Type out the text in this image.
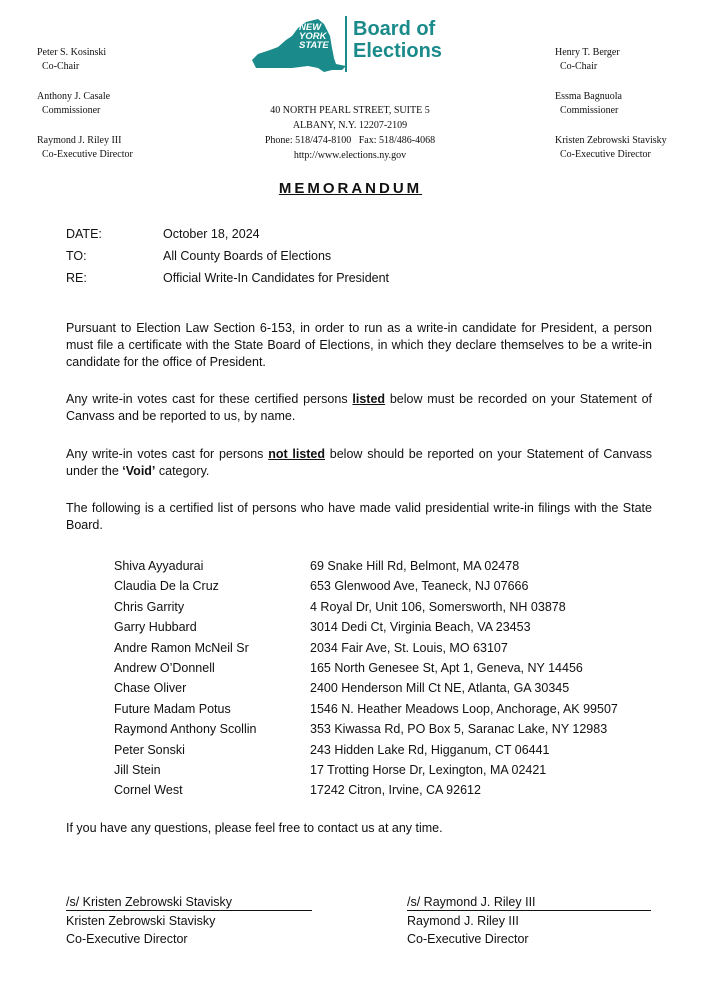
Peter S. Kosinski
Co-Chair
Anthony J. Casale
Commissioner
Raymond J. Riley III
Co-Executive Director
Henry T. Berger
Co-Chair
Essma Bagnuola
Commissioner
Kristen Zebrowski Stavisky
Co-Executive Director
NEW
YORK
STATE
Board of
Elections
40 NORTH PEARL STREET, SUITE 5
ALBANY, N.Y. 12207-2109
Phone: 518/474-8100   Fax: 518/486-4068
http://www.elections.ny.gov
MEMORANDUM
DATE:	October 18, 2024
TO:	All County Boards of Elections
RE:	Official Write-In Candidates for President
Pursuant to Election Law Section 6-153, in order to run as a write-in candidate for President, a person must file a certificate with the State Board of Elections, in which they declare themselves to be a write-in candidate for the office of President.
Any write-in votes cast for these certified persons listed below must be recorded on your Statement of Canvass and be reported to us, by name.
Any write-in votes cast for persons not listed below should be reported on your Statement of Canvass under the ‘Void’ category.
The following is a certified list of persons who have made valid presidential write-in filings with the State Board.
Shiva Ayyadurai	69 Snake Hill Rd, Belmont, MA 02478
Claudia De la Cruz	653 Glenwood Ave, Teaneck, NJ 07666
Chris Garrity	4 Royal Dr, Unit 106, Somersworth, NH 03878
Garry Hubbard	3014 Dedi Ct, Virginia Beach, VA 23453
Andre Ramon McNeil Sr	2034 Fair Ave, St. Louis, MO 63107
Andrew O’Donnell	165 North Genesee St, Apt 1, Geneva, NY 14456
Chase Oliver	2400 Henderson Mill Ct NE, Atlanta, GA 30345
Future Madam Potus	1546 N. Heather Meadows Loop, Anchorage, AK 99507
Raymond Anthony Scollin	353 Kiwassa Rd, PO Box 5, Saranac Lake, NY 12983
Peter Sonski	243 Hidden Lake Rd, Higganum, CT 06441
Jill Stein	17 Trotting Horse Dr, Lexington, MA 02421
Cornel West	17242 Citron, Irvine, CA 92612
If you have any questions, please feel free to contact us at any time.
/s/ Kristen Zebrowski Stavisky
Kristen Zebrowski Stavisky
Co-Executive Director
/s/ Raymond J. Riley III
Raymond J. Riley III
Co-Executive Director
